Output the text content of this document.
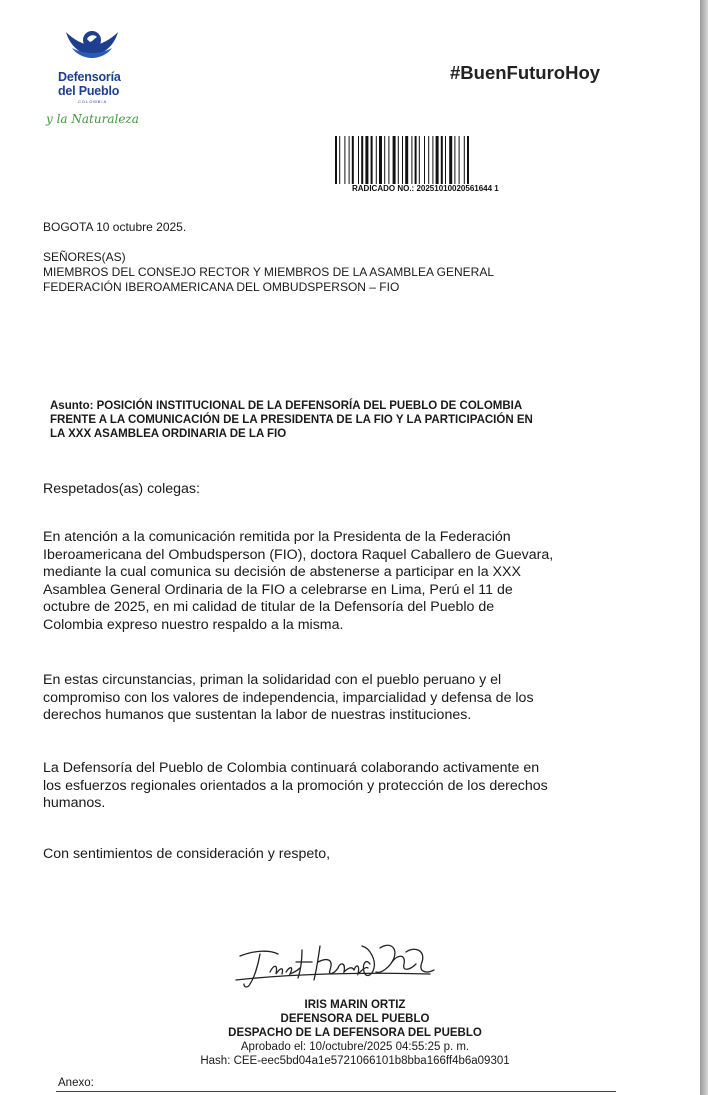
Defensoría
del Pueblo
COLOMBIA
y la Naturaleza
#BuenFuturoHoy
RADICADO NO.: 20251010020561644 1
BOGOTA 10 octubre 2025.
SEÑORES(AS)
MIEMBROS DEL CONSEJO RECTOR Y MIEMBROS DE LA ASAMBLEA GENERAL
FEDERACIÓN IBEROAMERICANA DEL OMBUDSPERSON – FIO
Asunto: POSICIÓN INSTITUCIONAL DE LA DEFENSORÍA DEL PUEBLO DE COLOMBIA
FRENTE A LA COMUNICACIÓN DE LA PRESIDENTA DE LA FIO Y LA PARTICIPACIÓN EN
LA XXX ASAMBLEA ORDINARIA DE LA FIO
Respetados(as) colegas:
En atención a la comunicación remitida por la Presidenta de la Federación
Iberoamericana del Ombudsperson (FIO), doctora Raquel Caballero de Guevara,
mediante la cual comunica su decisión de abstenerse a participar en la XXX
Asamblea General Ordinaria de la FIO a celebrarse en Lima, Perú el 11 de
octubre de 2025, en mi calidad de titular de la Defensoría del Pueblo de
Colombia expreso nuestro respaldo a la misma.
En estas circunstancias, priman la solidaridad con el pueblo peruano y el
compromiso con los valores de independencia, imparcialidad y defensa de los
derechos humanos que sustentan la labor de nuestras instituciones.
La Defensoría del Pueblo de Colombia continuará colaborando activamente en
los esfuerzos regionales orientados a la promoción y protección de los derechos
humanos.
Con sentimientos de consideración y respeto,
IRIS MARIN ORTIZ
DEFENSORA DEL PUEBLO
DESPACHO DE LA DEFENSORA DEL PUEBLO
Aprobado el: 10/octubre/2025 04:55:25 p. m.
Hash: CEE-eec5bd04a1e5721066101b8bba166ff4b6a09301
Anexo:
